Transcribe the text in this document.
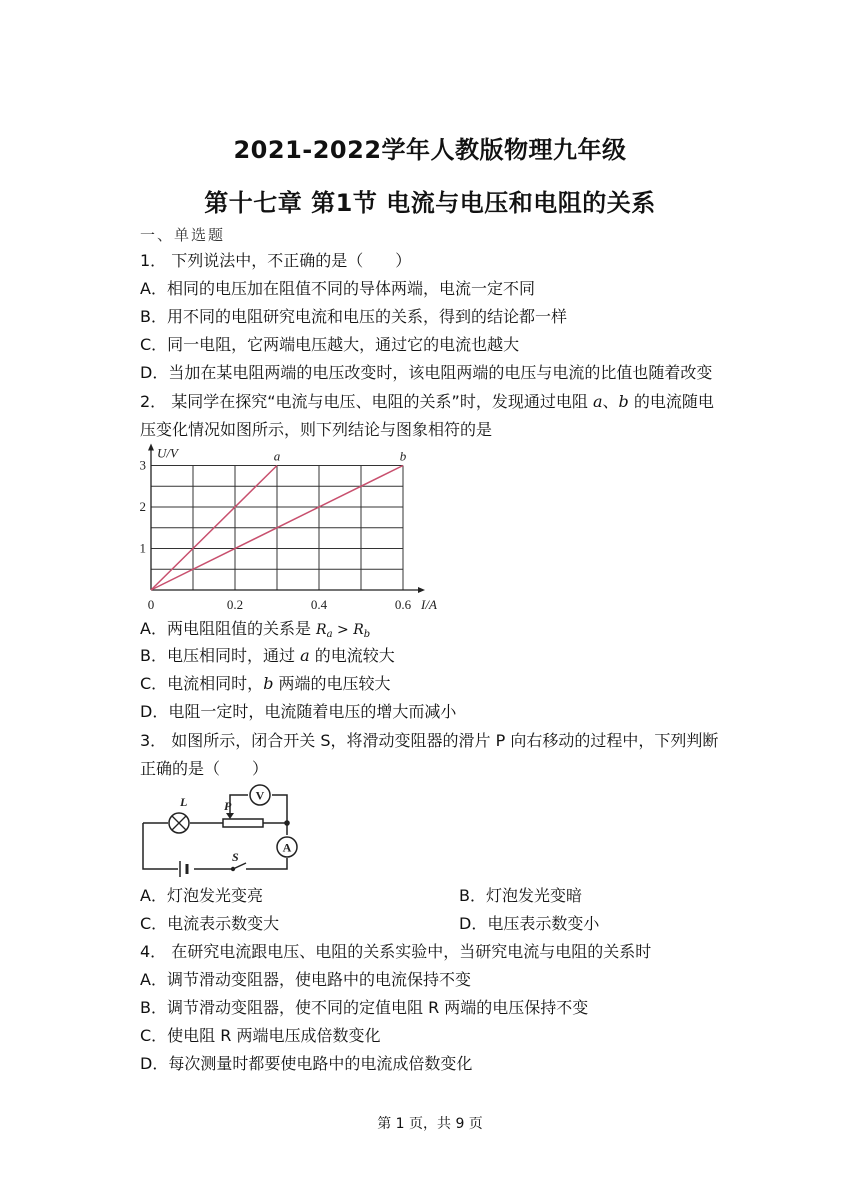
2021-2022学年人教版物理九年级
第十七章 第1节 电流与电压和电阻的关系
一、单选题
1． 下列说法中，不正确的是（　　）
A．相同的电压加在阻值不同的导体两端，电流一定不同
B．用不同的电阻研究电流和电压的关系，得到的结论都一样
C．同一电阻，它两端电压越大，通过它的电流也越大
D．当加在某电阻两端的电压改变时，该电阻两端的电压与电流的比值也随着改变
2． 某同学在探究“电流与电压、电阻的关系”时，发现通过电阻 a、b 的电流随电
压变化情况如图所示，则下列结论与图象相符的是
a	b
0	0.2	0.4	0.6
1
2
3
I/A
U/V
A．两电阻阻值的关系是 Ra > Rb
B．电压相同时，通过 a 的电流较大
C．电流相同时，b 两端的电压较大
D．电阻一定时，电流随着电压的增大而减小
3． 如图所示，闭合开关 S，将滑动变阻器的滑片 P 向右移动的过程中，下列判断
正确的是（　　）
V
A
L	P
S
A．灯泡发光变亮	B．灯泡发光变暗
C．电流表示数变大	D．电压表示数变小
4． 在研究电流跟电压、电阻的关系实验中，当研究电流与电阻的关系时
A．调节滑动变阻器，使电路中的电流保持不变
B．调节滑动变阻器，使不同的定值电阻 R 两端的电压保持不变
C．使电阻 R 两端电压成倍数变化
D．每次测量时都要使电路中的电流成倍数变化
第 1 页，共 9 页
